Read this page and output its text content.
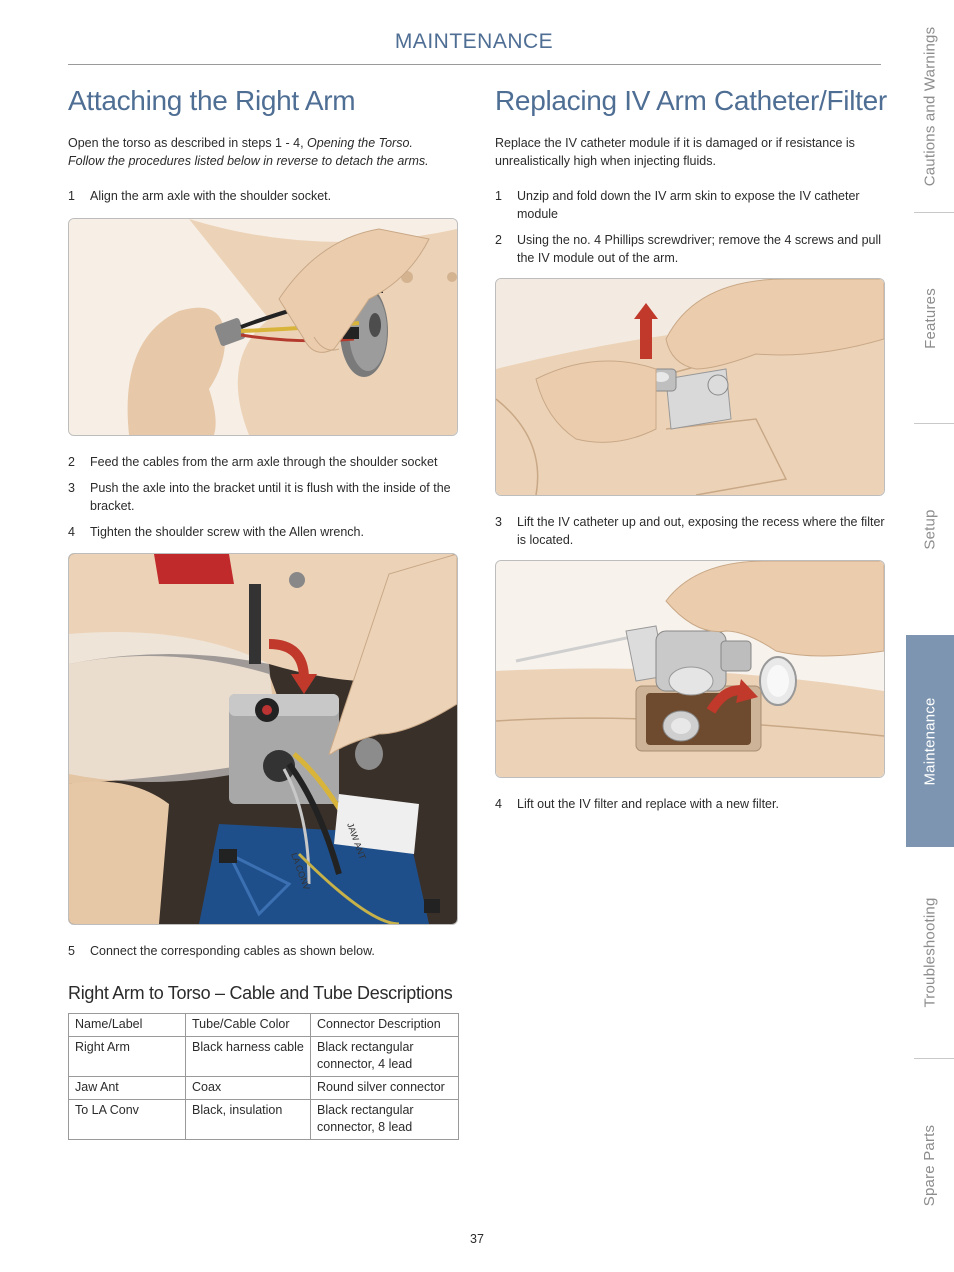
MAINTENANCE
Attaching the Right Arm
Open the torso as described in steps 1 - 4, Opening the Torso.
Follow the procedures listed below in reverse to detach the arms.
1	Align the arm axle with the shoulder socket.
2	Feed the cables from the arm axle through the shoulder socket
3	Push the axle into the bracket until it is flush with the inside of the bracket.
4	Tighten the shoulder screw with the Allen wrench.
JAW ANT
LA CONV
5	Connect the corresponding cables as shown below.
Right Arm to Torso – Cable and Tube Descriptions
Name/Label	Tube/Cable Color	Connector Description
Right Arm	Black harness cable	Black rectangular connector, 4 lead
Jaw Ant	Coax	Round silver connector
To LA Conv	Black, insulation	Black rectangular connector, 8 lead
Replacing IV Arm Catheter/Filter
Replace the IV catheter module if it is damaged or if resistance is unrealistically high when injecting fluids.
1	Unzip and fold down the IV arm skin to expose the IV catheter module
2	Using the no. 4 Phillips screwdriver; remove the 4 screws and pull the IV module out of the arm.
3	Lift the IV catheter up and out, exposing the recess where the filter is located.
4	Lift out the IV filter and replace with a new filter.
Cautions and Warnings
Features
Setup
Maintenance
Troubleshooting
Spare Parts
37
